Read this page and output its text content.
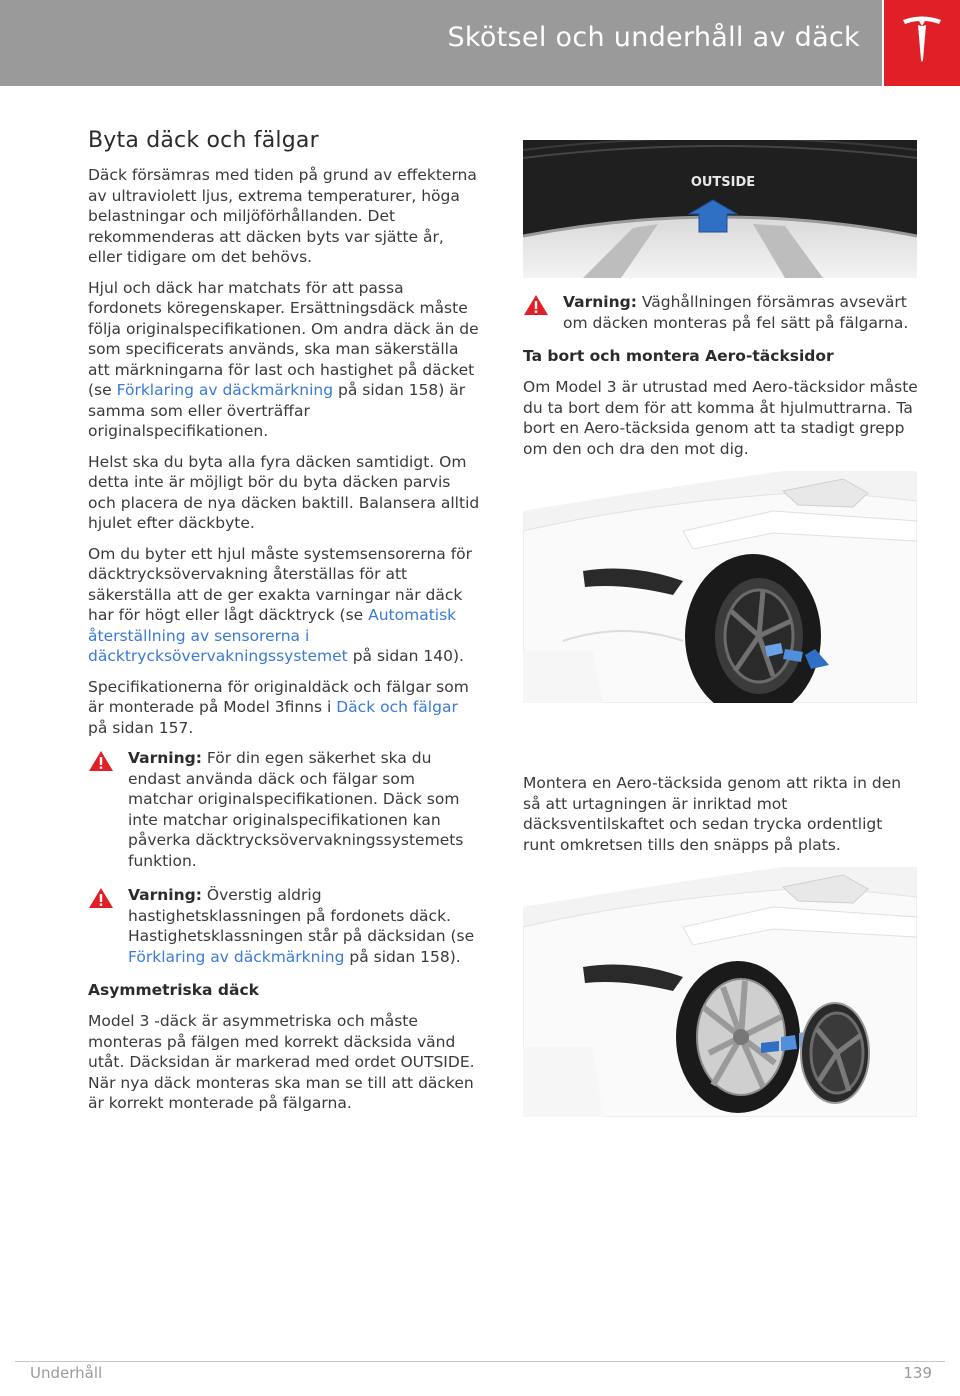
Skötsel och underhåll av däck
Byta däck och fälgar

Däck försämras med tiden på grund av effekterna av ultraviolett ljus, extrema temperaturer, höga belastningar och miljöförhållanden. Det rekommenderas att däcken byts var sjätte år, eller tidigare om det behövs.

Hjul och däck har matchats för att passa fordonets köregenskaper. Ersättningsdäck måste följa originalspecifikationen. Om andra däck än de som specificerats används, ska man säkerställa att märkningarna för last och hastighet på däcket (se Förklaring av däckmärkning på sidan 158) är samma som eller överträffar originalspecifikationen.

Helst ska du byta alla fyra däcken samtidigt. Om detta inte är möjligt bör du byta däcken parvis och placera de nya däcken baktill. Balansera alltid hjulet efter däckbyte.

Om du byter ett hjul måste systemsensorerna för däcktrycksövervakning återställas för att säkerställa att de ger exakta varningar när däck har för högt eller lågt däcktryck (se Automatisk återställning av sensorerna i däcktrycksövervakningssystemet på sidan 140).

Specifikationerna för originaldäck och fälgar som är monterade på Model 3finns i Däck och fälgar på sidan 157.

Varning: För din egen säkerhet ska du endast använda däck och fälgar som matchar originalspecifikationen. Däck som inte matchar originalspecifikationen kan påverka däcktrycksövervakningssystemets funktion.
Varning: Överstig aldrig hastighetsklassningen på fordonets däck. Hastighetsklassningen står på däcksidan (se Förklaring av däckmärkning på sidan 158).
Asymmetriska däck

Model 3 -däck är asymmetriska och måste monteras på fälgen med korrekt däcksida vänd utåt. Däcksidan är markerad med ordet OUTSIDE. När nya däck monteras ska man se till att däcken är korrekt monterade på fälgarna.

OUTSIDE
Varning: Väghållningen försämras avsevärt om däcken monteras på fel sätt på fälgarna.
Ta bort och montera Aero-täcksidor

Om Model 3 är utrustad med Aero-täcksidor måste du ta bort dem för att komma åt hjulmuttrarna. Ta bort en Aero-täcksida genom att ta stadigt grepp om den och dra den mot dig.

Montera en Aero-täcksida genom att rikta in den så att urtagningen är inriktad mot däcksventilskaftet och sedan trycka ordentligt runt omkretsen tills den snäpps på plats.

Underhåll	139
